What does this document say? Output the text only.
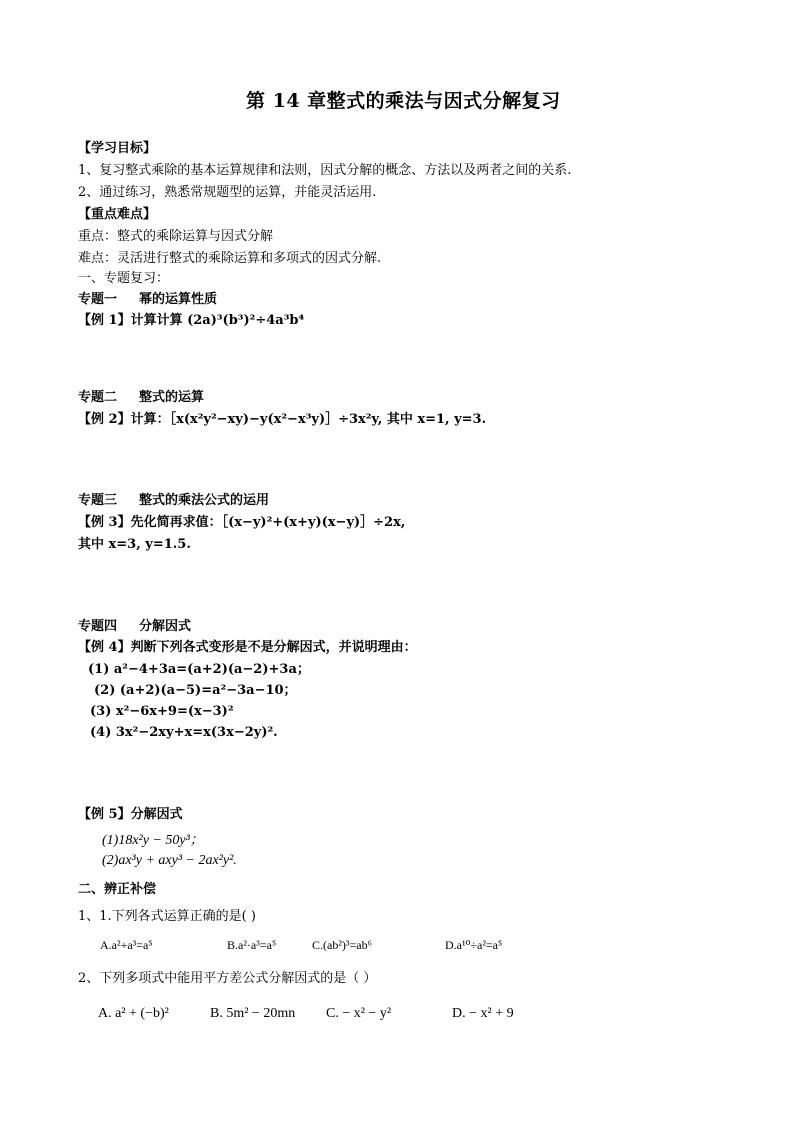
第 14 章整式的乘法与因式分解复习
【学习目标】
1、复习整式乘除的基本运算规律和法则，因式分解的概念、方法以及两者之间的关系.
2、通过练习，熟悉常规题型的运算，并能灵活运用.
【重点难点】
重点：整式的乘除运算与因式分解
难点：灵活进行整式的乘除运算和多项式的因式分解.
一、专题复习：
专题一 幂的运算性质
【例 1】计算计算 (2a)³(b³)²÷4a³b⁴
专题二 整式的运算
【例 2】计算：［x(x²y²−xy)−y(x²−x³y)］÷3x²y, 其中 x=1, y=3.
专题三 整式的乘法公式的运用
【例 3】先化简再求值：［(x−y)²+(x+y)(x−y)］÷2x,
其中 x=3, y=1.5.
专题四 分解因式
【例 4】判断下列各式变形是不是分解因式，并说明理由：
(1) a²−4+3a=(a+2)(a−2)+3a；
(2) (a+2)(a−5)=a²−3a−10；
(3) x²−6x+9=(x−3)²
(4) 3x²−2xy+x=x(3x−2y)².
【例 5】分解因式
(1)18x²y − 50y³；
(2)ax³y + axy³ − 2ax²y².
二、辨正补偿
1、1.下列各式运算正确的是( )
A.a²+a³=a⁵	B.a²·a³=a⁵	C.(ab²)³=ab⁶	D.a¹⁰÷a²=a⁵
2、下列多项式中能用平方差公式分解因式的是（ ）
A. a² + (−b)²	B. 5m² − 20mn C. − x² − y²	D. − x² + 9
